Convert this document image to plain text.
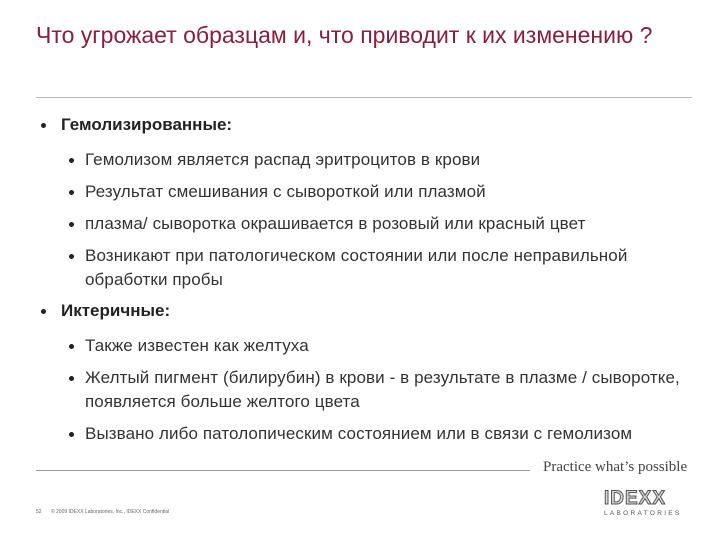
Что угрожает образцам и, что приводит к их изменению ?
Гемолизированные:
Гемолизом является распад эритроцитов в крови
Результат смешивания с сывороткой или плазмой
плазма/ сыворотка окрашивается в розовый или красный цвет
Возникают при патологическом состоянии или после неправильной обработки пробы
Иктеричные:
Также известен как желтуха
Желтый пигмент (билирубин) в крови - в результате в плазме / сыворотке, появляется больше желтого цвета
Вызвано либо патолопическим состоянием или в связи с гемолизом
Practice what’s possible
52 © 2009 IDEXX Laboratories, Inc., IDEXX Confidential
IDEXX
LABORATORIES
